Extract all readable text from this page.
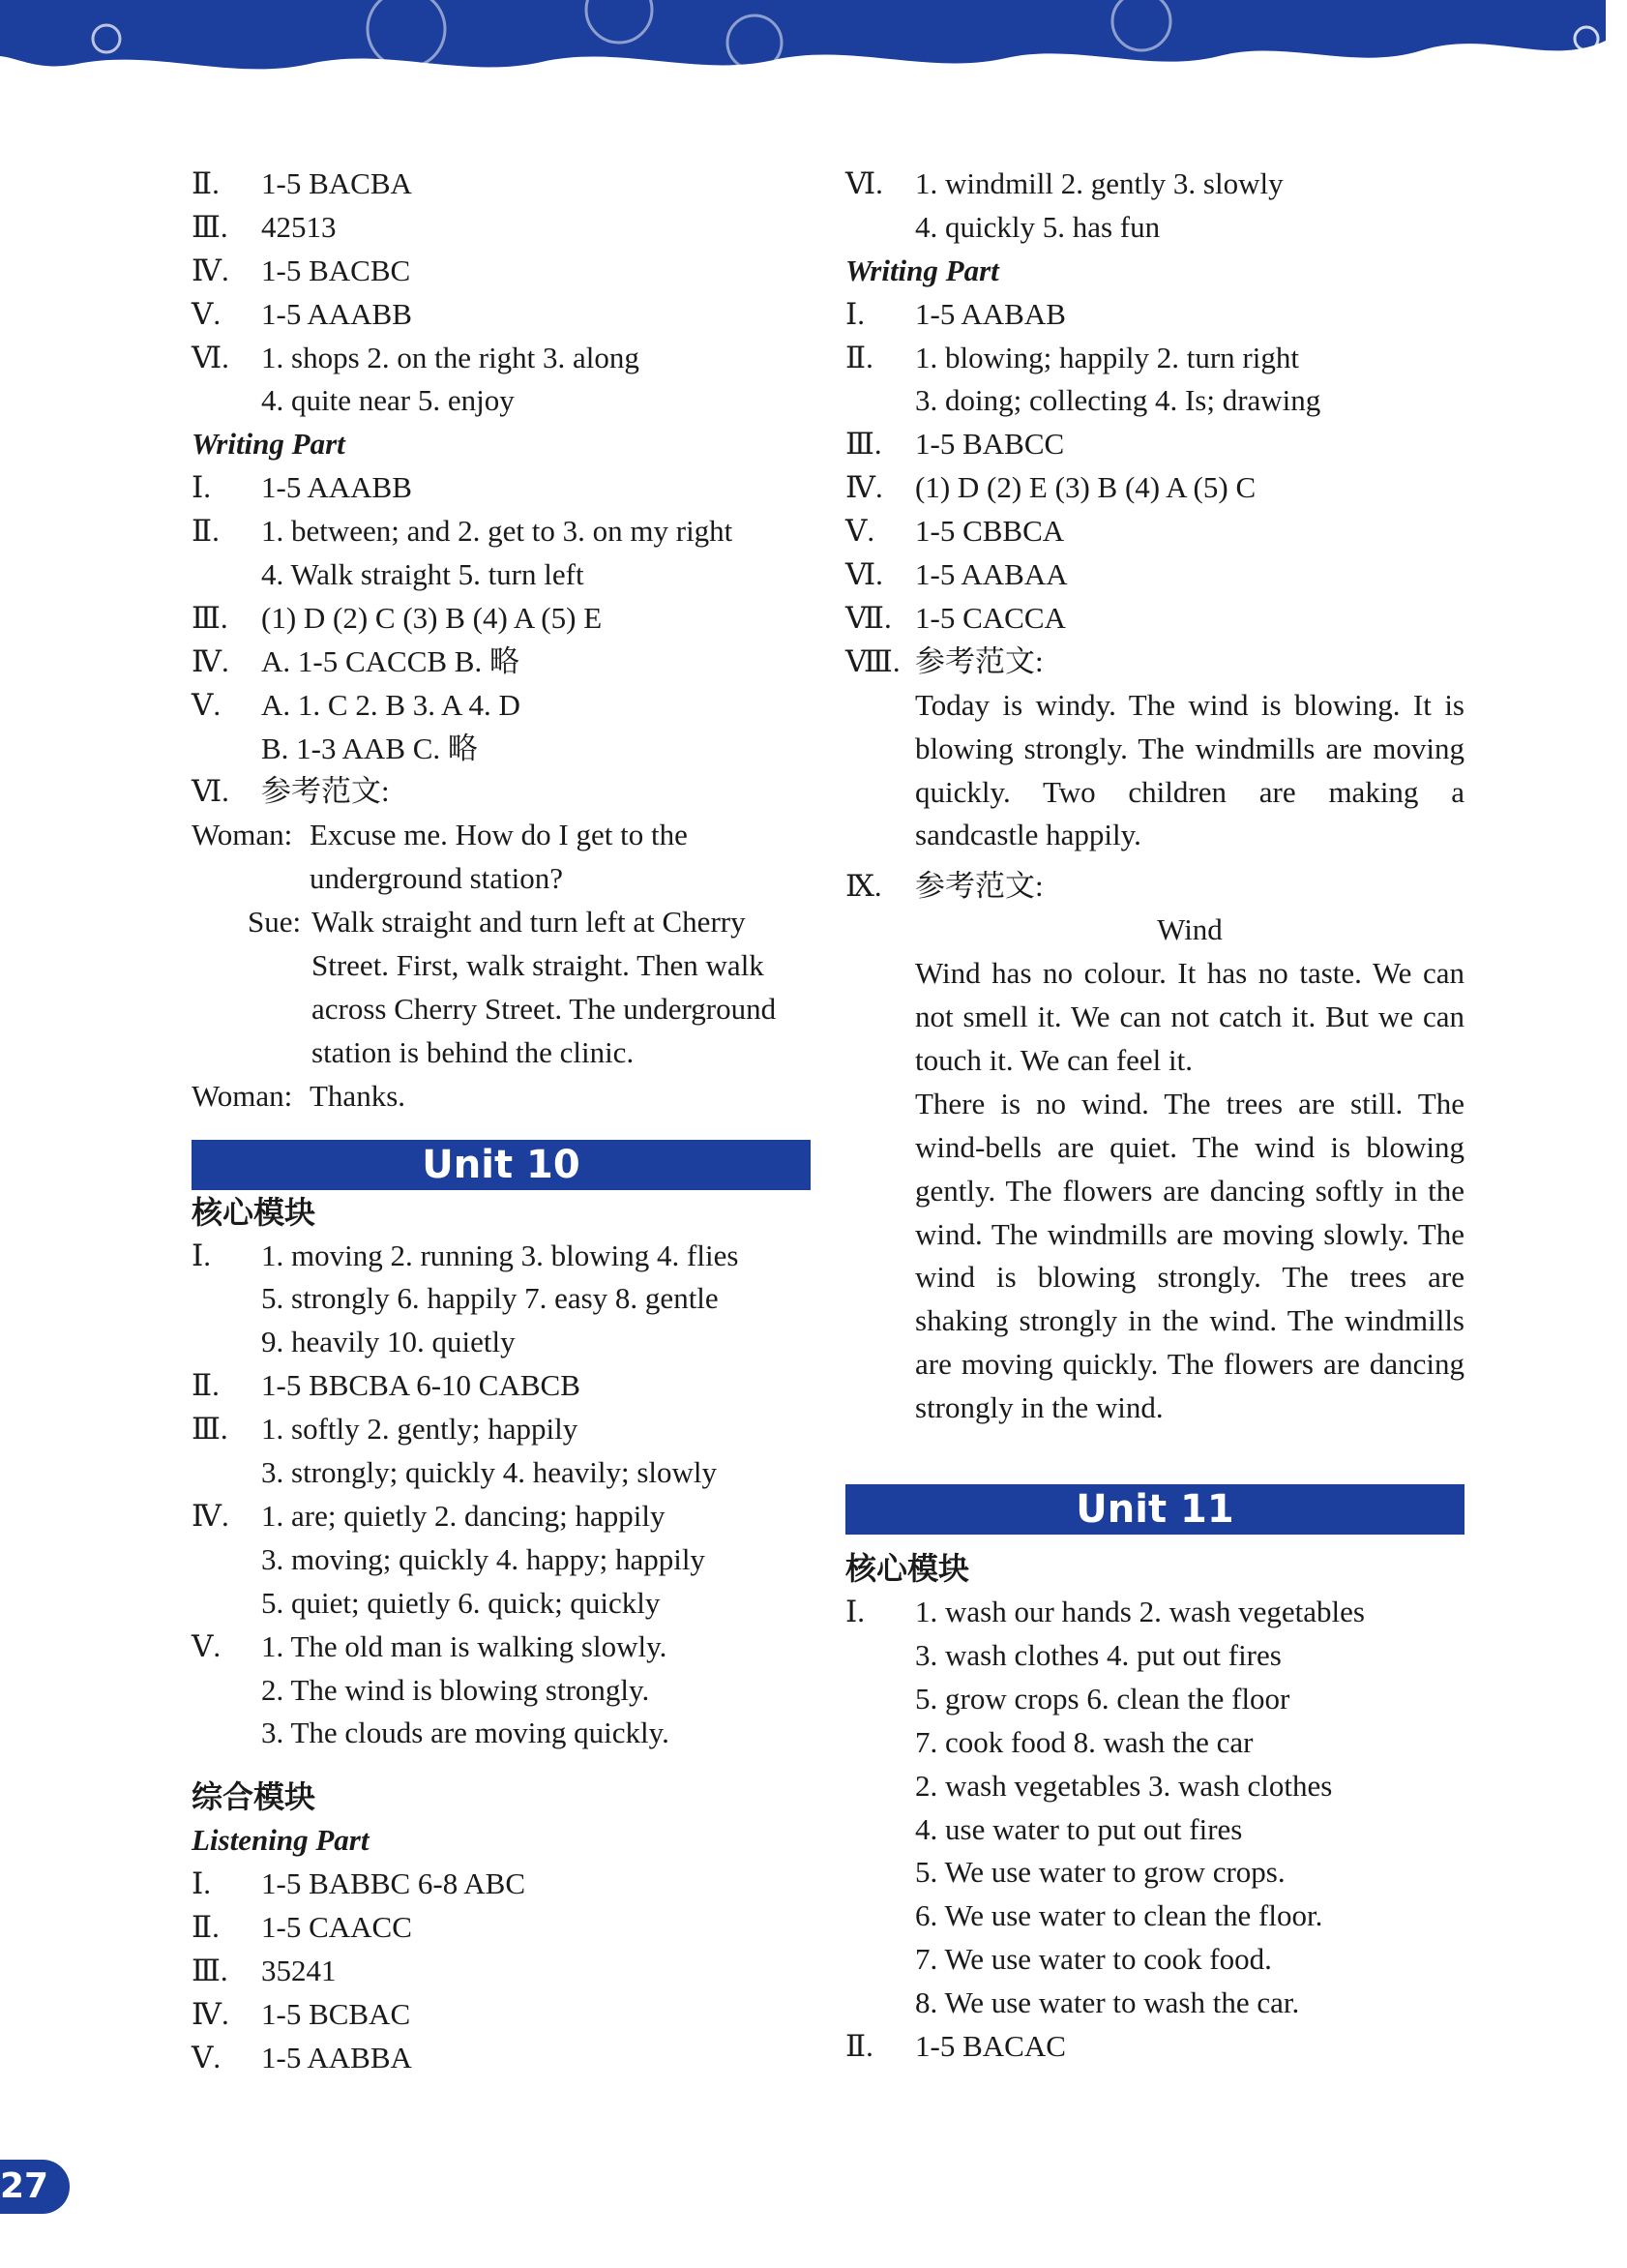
Ⅱ. 1-5 BACBA
Ⅲ. 42513
Ⅳ. 1-5 BACBC
Ⅴ. 1-5 AAABB
Ⅵ. 1. shops 2. on the right 3. along
4. quite near 5. enjoy
Writing Part
Ⅰ. 1-5 AAABB
Ⅱ. 1. between; and 2. get to 3. on my right
4. Walk straight 5. turn left
Ⅲ. (1) D (2) C (3) B (4) A (5) E
Ⅳ. A. 1-5 CACCB B. 略
Ⅴ. A. 1. C 2. B 3. A 4. D
B. 1-3 AAB C. 略
Ⅵ. 参考范文:
Woman: Excuse me. How do I get to the
underground station?
Sue: Walk straight and turn left at Cherry
Street. First, walk straight. Then walk
across Cherry Street. The underground
station is behind the clinic.
Woman: Thanks.
Unit 10
核心模块
Ⅰ. 1. moving 2. running 3. blowing 4. flies
5. strongly 6. happily 7. easy 8. gentle
9. heavily 10. quietly
Ⅱ. 1-5 BBCBA 6-10 CABCB
Ⅲ. 1. softly 2. gently; happily
3. strongly; quickly 4. heavily; slowly
Ⅳ. 1. are; quietly 2. dancing; happily
3. moving; quickly 4. happy; happily
5. quiet; quietly 6. quick; quickly
Ⅴ. 1. The old man is walking slowly.
2. The wind is blowing strongly.
3. The clouds are moving quickly.
综合模块
Listening Part
Ⅰ. 1-5 BABBC 6-8 ABC
Ⅱ. 1-5 CAACC
Ⅲ. 35241
Ⅳ. 1-5 BCBAC
Ⅴ. 1-5 AABBA
Ⅵ. 1. windmill 2. gently 3. slowly
4. quickly 5. has fun
Writing Part
Ⅰ. 1-5 AABAB
Ⅱ. 1. blowing; happily 2. turn right
3. doing; collecting 4. Is; drawing
Ⅲ. 1-5 BABCC
Ⅳ. (1) D (2) E (3) B (4) A (5) C
Ⅴ. 1-5 CBBCA
Ⅵ. 1-5 AABAA
Ⅶ. 1-5 CACCA
Ⅷ. 参考范文:
Today is windy. The wind is blowing. It is blowing strongly. The windmills are moving quickly. Two children are making a sandcastle happily.
Ⅸ. 参考范文:
Wind
Wind has no colour. It has no taste. We can not smell it. We can not catch it. But we can touch it. We can feel it.
There is no wind. The trees are still. The wind-bells are quiet. The wind is blowing gently. The flowers are dancing softly in the wind. The windmills are moving slowly. The wind is blowing strongly. The trees are shaking strongly in the wind. The windmills are moving quickly. The flowers are dancing strongly in the wind.
Unit 11
核心模块
Ⅰ. 1. wash our hands 2. wash vegetables
3. wash clothes 4. put out fires
5. grow crops 6. clean the floor
7. cook food 8. wash the car
2. wash vegetables 3. wash clothes
4. use water to put out fires
5. We use water to grow crops.
6. We use water to clean the floor.
7. We use water to cook food.
8. We use water to wash the car.
Ⅱ. 1-5 BACAC
27 –
